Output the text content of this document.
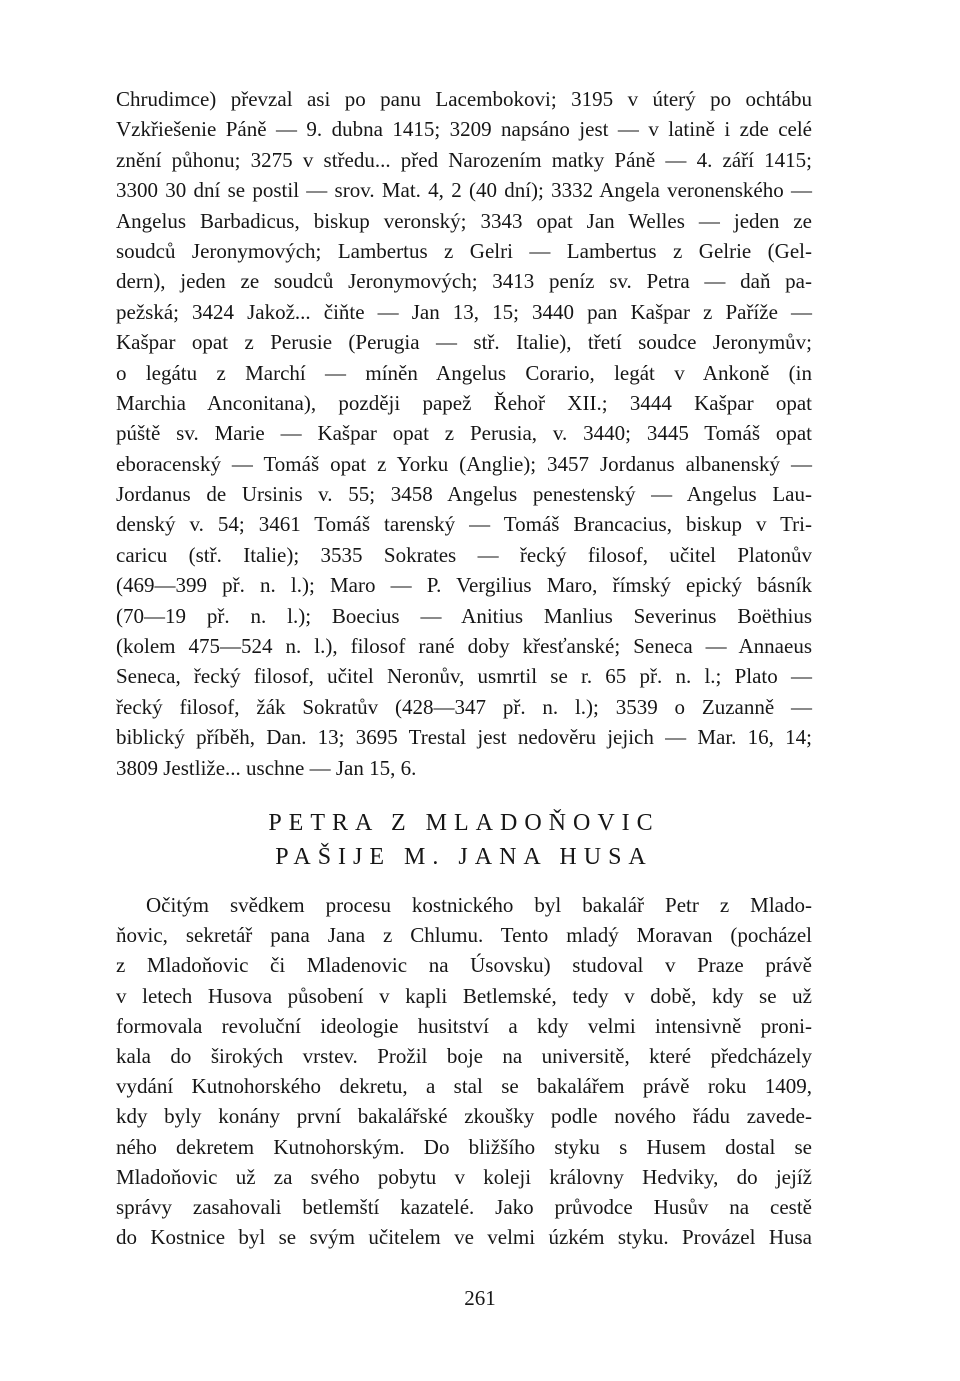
Chrudimce) převzal asi po panu Lacembokovi; 3195 v úterý po ochtábu
Vzkřiešenie Páně — 9. dubna 1415; 3209 napsáno jest — v latině i zde celé
znění půhonu; 3275 v středu... před Narozením matky Páně — 4. září 1415;
3300 30 dní se postil — srov. Mat. 4, 2 (40 dní); 3332 Angela veronenského —
Angelus Barbadicus, biskup veronský; 3343 opat Jan Welles — jeden ze
soudců Jeronymových; Lambertus z Gelri — Lambertus z Gelrie (Gel-
dern), jeden ze soudců Jeronymových; 3413 peníz sv. Petra — daň pa-
pežská; 3424 Jakož... čiňte — Jan 13, 15; 3440 pan Kašpar z Paříže —
Kašpar opat z Perusie (Perugia — stř. Italie), třetí soudce Jeronymův;
o legátu z Marchí — míněn Angelus Corario, legát v Ankoně (in
Marchia Anconitana), později papež Řehoř XII.; 3444 Kašpar opat
púště sv. Marie — Kašpar opat z Perusia, v. 3440; 3445 Tomáš opat
eboracenský — Tomáš opat z Yorku (Anglie); 3457 Jordanus albanenský —
Jordanus de Ursinis v. 55; 3458 Angelus penestenský — Angelus Lau-
denský v. 54; 3461 Tomáš tarenský — Tomáš Brancacius, biskup v Tri-
caricu (stř. Italie); 3535 Sokrates — řecký filosof, učitel Platonův
(469—399 př. n. l.); Maro — P. Vergilius Maro, římský epický básník
(70—19 př. n. l.); Boecius — Anitius Manlius Severinus Boëthius
(kolem 475—524 n. l.), filosof rané doby křesťanské; Seneca — Annaeus
Seneca, řecký filosof, učitel Neronův, usmrtil se r. 65 př. n. l.; Plato —
řecký filosof, žák Sokratův (428—347 př. n. l.); 3539 o Zuzanně —
biblický příběh, Dan. 13; 3695 Trestal jest nedověru jejich — Mar. 16, 14;
3809 Jestliže... uschne — Jan 15, 6.
PETRA Z MLADOŇOVIC
PAŠIJE M. JANA HUSA
Očitým svědkem procesu kostnického byl bakalář Petr z Mlado-
ňovic, sekretář pana Jana z Chlumu. Tento mladý Moravan (pocházel
z Mladoňovic či Mladenovic na Úsovsku) studoval v Praze právě
v letech Husova působení v kapli Betlemské, tedy v době, kdy se už
formovala revoluční ideologie husitství a kdy velmi intensivně proni-
kala do širokých vrstev. Prožil boje na universitě, které předcházely
vydání Kutnohorského dekretu, a stal se bakalářem právě roku 1409,
kdy byly konány první bakalářské zkoušky podle nového řádu zavede-
ného dekretem Kutnohorským. Do bližšího styku s Husem dostal se
Mladoňovic už za svého pobytu v koleji královny Hedviky, do jejíž
správy zasahovali betlemští kazatelé. Jako průvodce Husův na cestě
do Kostnice byl se svým učitelem ve velmi úzkém styku. Provázel Husa
261
